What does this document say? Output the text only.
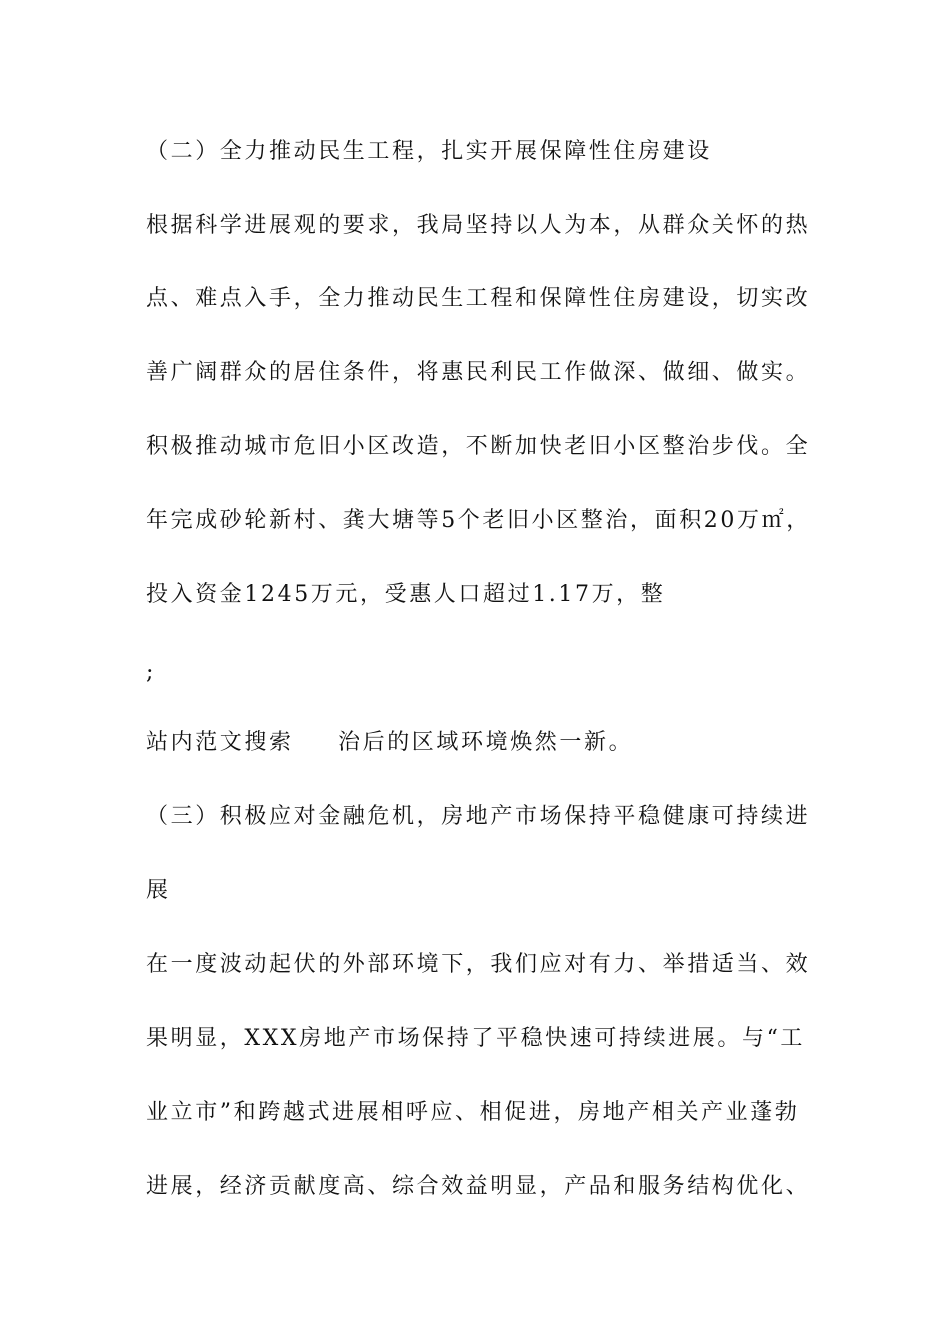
（二）全力推动民生工程，扎实开展保障性住房建设
根据科学进展观的要求，我局坚持以人为本，从群众关怀的热
点、难点入手，全力推动民生工程和保障性住房建设，切实改
善广阔群众的居住条件，将惠民利民工作做深、做细、做实。
积极推动城市危旧小区改造，不断加快老旧小区整治步伐。全
年完成砂轮新村、龚大塘等5个老旧小区整治，面积20万㎡，
投入资金1245万元，受惠人口超过1.17万，整
;
站内范文搜索 治后的区域环境焕然一新。
（三）积极应对金融危机，房地产市场保持平稳健康可持续进
展
在一度波动起伏的外部环境下，我们应对有力、举措适当、效
果明显，XXX房地产市场保持了平稳快速可持续进展。与“工
业立市”和跨越式进展相呼应、相促进，房地产相关产业蓬勃
进展，经济贡献度高、综合效益明显，产品和服务结构优化、
